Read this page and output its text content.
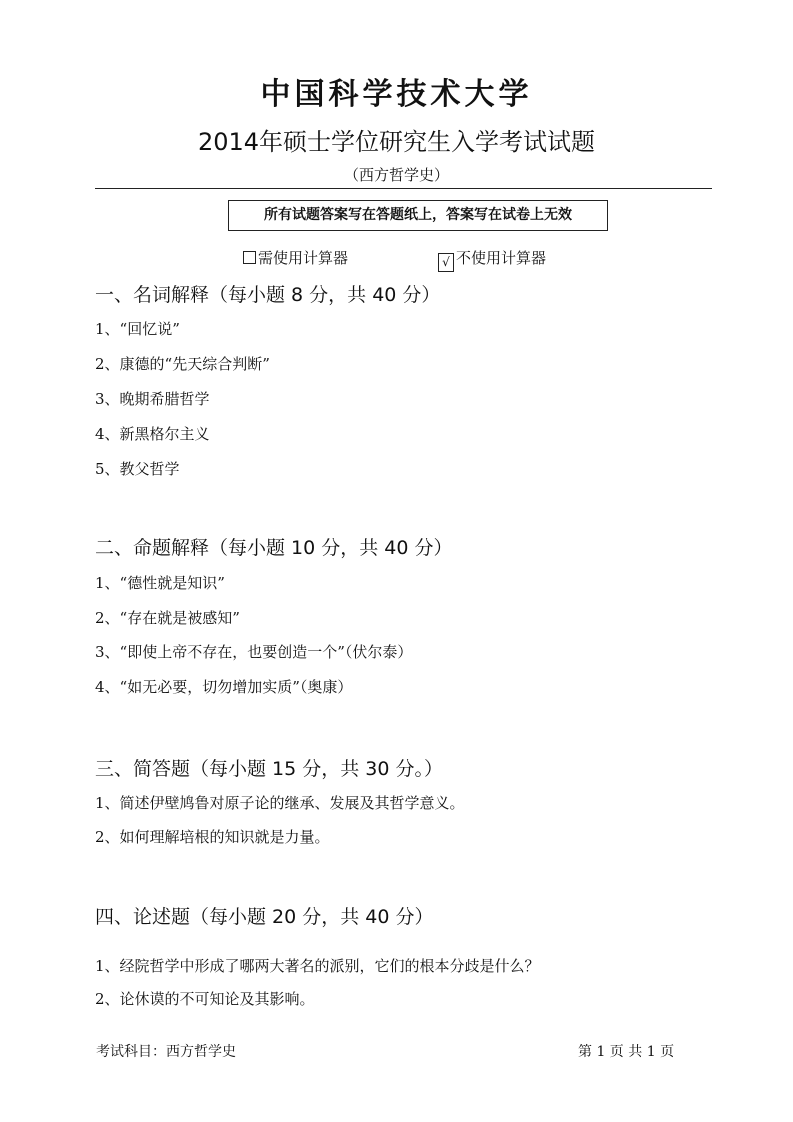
中国科学技术大学
2014年硕士学位研究生入学考试试题
（西方哲学史）
所有试题答案写在答题纸上，答案写在试卷上无效
需使用计算器	√ 不使用计算器
一、名词解释（每小题 8 分，共 40 分）
1、“回忆说”
2、康德的“先天综合判断”
3、晚期希腊哲学
4、新黑格尔主义
5、教父哲学
二、命题解释（每小题 10 分，共 40 分）
1、“德性就是知识”
2、“存在就是被感知”
3、“即使上帝不存在，也要创造一个”（伏尔泰）
4、“如无必要，切勿增加实质”（奥康）
三、简答题（每小题 15 分，共 30 分。）
1、简述伊壁鸠鲁对原子论的继承、发展及其哲学意义。
2、如何理解培根的知识就是力量。
四、论述题（每小题 20 分，共 40 分）
1、经院哲学中形成了哪两大著名的派别，它们的根本分歧是什么？
2、论休谟的不可知论及其影响。
考试科目：西方哲学史	第 1 页 共 1 页
